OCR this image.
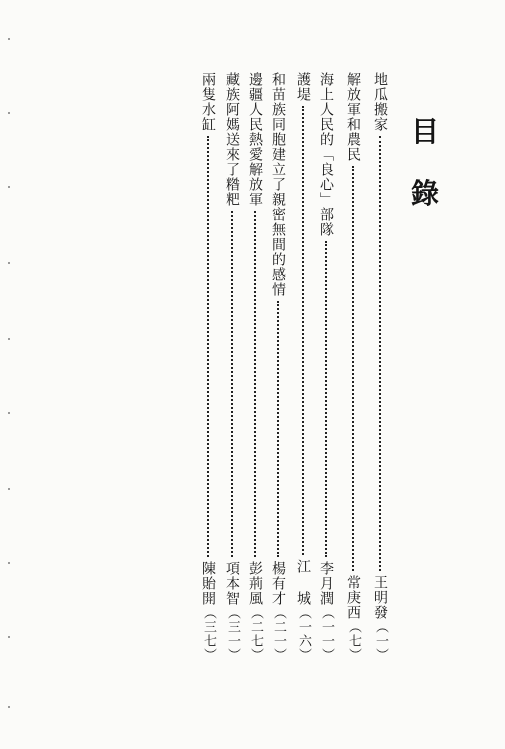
目
錄
地瓜搬家
王明發
（一）
解放軍和農民
常庚西
（七）
海上人民的「良心」部隊
李月潤
（一一）
護堤
江 城
（一六）
和苗族同胞建立了親密無間的感情
楊有才
（二一）
邊疆人民熱愛解放軍
彭荊風
（二七）
藏族阿媽送來了糌粑
項本智
（三一）
兩隻水缸
陳貽開
（三七）
